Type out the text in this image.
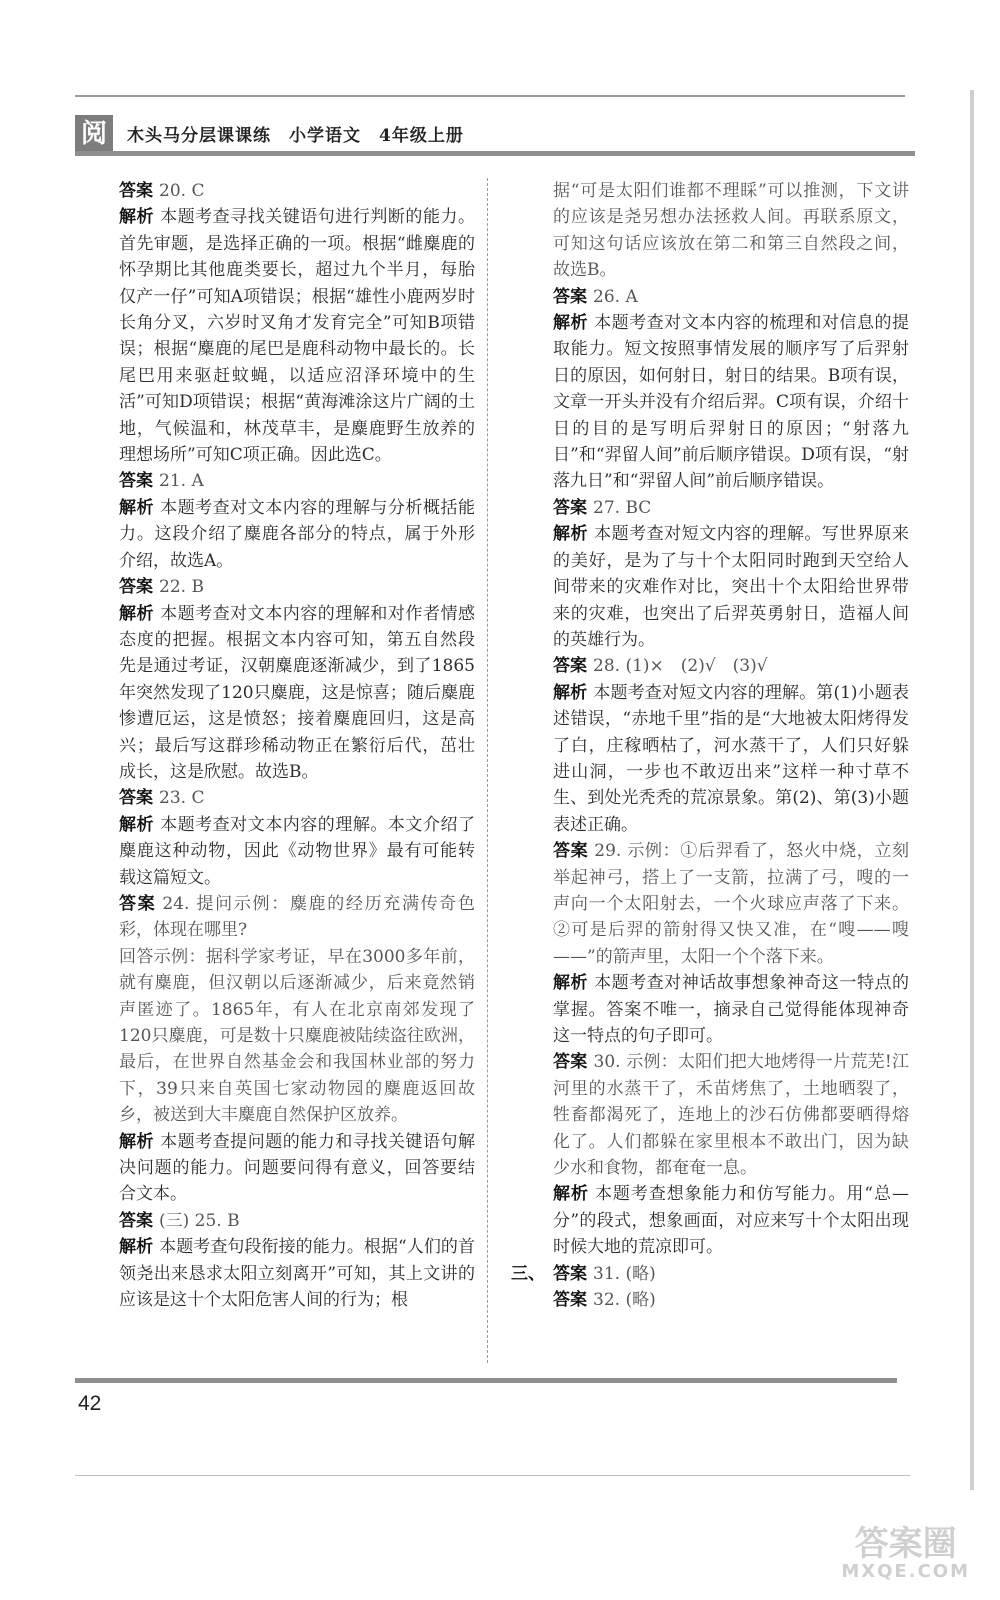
阅	木头马分层课课练　小学语文　4年级上册

答案 20. C

解析 本题考查寻找关键语句进行判断的能力。首先审题，是选择正确的一项。根据“雌麋鹿的怀孕期比其他鹿类要长，超过九个半月，每胎仅产一仔”可知A项错误；根据“雄性小鹿两岁时长角分叉，六岁时叉角才发育完全”可知B项错误；根据“麋鹿的尾巴是鹿科动物中最长的。长尾巴用来驱赶蚊蝇，以适应沼泽环境中的生活”可知D项错误；根据“黄海滩涂这片广阔的土地，气候温和，林茂草丰，是麋鹿野生放养的理想场所”可知C项正确。因此选C。

答案 21. A

解析 本题考查对文本内容的理解与分析概括能力。这段介绍了麋鹿各部分的特点，属于外形介绍，故选A。

答案 22. B

解析 本题考查对文本内容的理解和对作者情感态度的把握。根据文本内容可知，第五自然段先是通过考证，汉朝麋鹿逐渐减少，到了1865年突然发现了120只麋鹿，这是惊喜；随后麋鹿惨遭厄运，这是愤怒；接着麋鹿回归，这是高兴；最后写这群珍稀动物正在繁衍后代，茁壮成长，这是欣慰。故选B。

答案 23. C

解析 本题考查对文本内容的理解。本文介绍了麋鹿这种动物，因此《动物世界》最有可能转载这篇短文。

答案 24. 提问示例：麋鹿的经历充满传奇色彩，体现在哪里?

回答示例：据科学家考证，早在3000多年前，就有麋鹿，但汉朝以后逐渐减少，后来竟然销声匿迹了。1865年，有人在北京南郊发现了120只麋鹿，可是数十只麋鹿被陆续盗往欧洲，最后，在世界自然基金会和我国林业部的努力下，39只来自英国七家动物园的麋鹿返回故乡，被送到大丰麋鹿自然保护区放养。

解析 本题考查提问题的能力和寻找关键语句解决问题的能力。问题要问得有意义，回答要结合文本。

答案 (三) 25. B

解析 本题考查句段衔接的能力。根据“人们的首领尧出来恳求太阳立刻离开”可知，其上文讲的应该是这十个太阳危害人间的行为；根

据“可是太阳们谁都不理睬”可以推测，下文讲的应该是尧另想办法拯救人间。再联系原文，可知这句话应该放在第二和第三自然段之间，故选B。

答案 26. A

解析 本题考查对文本内容的梳理和对信息的提取能力。短文按照事情发展的顺序写了后羿射日的原因，如何射日，射日的结果。B项有误，文章一开头并没有介绍后羿。C项有误，介绍十日的目的是写明后羿射日的原因；“射落九日”和“羿留人间”前后顺序错误。D项有误，“射落九日”和“羿留人间”前后顺序错误。

答案 27. BC

解析 本题考查对短文内容的理解。写世界原来的美好，是为了与十个太阳同时跑到天空给人间带来的灾难作对比，突出十个太阳给世界带来的灾难，也突出了后羿英勇射日，造福人间的英雄行为。

答案 28. (1)×　(2)√　(3)√

解析 本题考查对短文内容的理解。第(1)小题表述错误，“赤地千里”指的是“大地被太阳烤得发了白，庄稼晒枯了，河水蒸干了，人们只好躲进山洞，一步也不敢迈出来”这样一种寸草不生、到处光秃秃的荒凉景象。第(2)、第(3)小题表述正确。

答案 29. 示例：①后羿看了，怒火中烧，立刻举起神弓，搭上了一支箭，拉满了弓，嗖的一声向一个太阳射去，一个火球应声落了下来。②可是后羿的箭射得又快又准，在“嗖——嗖——”的箭声里，太阳一个个落下来。

解析 本题考查对神话故事想象神奇这一特点的掌握。答案不唯一，摘录自己觉得能体现神奇这一特点的句子即可。

答案 30. 示例：太阳们把大地烤得一片荒芜!江河里的水蒸干了，禾苗烤焦了，土地晒裂了，牲畜都渴死了，连地上的沙石仿佛都要晒得熔化了。人们都躲在家里根本不敢出门，因为缺少水和食物，都奄奄一息。

解析 本题考查想象能力和仿写能力。用“总—分”的段式，想象画面，对应来写十个太阳出现时候大地的荒凉即可。

三、 答案 31. (略)

答案 32. (略)

42
答案圈
MXQE.COM
